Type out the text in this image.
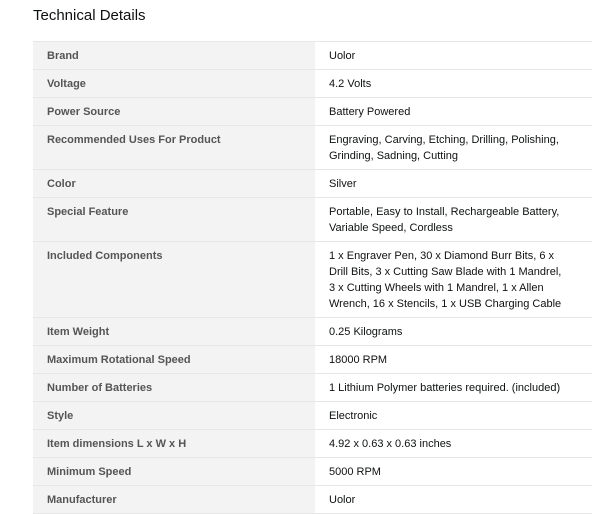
Technical Details
Brand	Uolor
Voltage	4.2 Volts
Power Source	Battery Powered
Recommended Uses For Product	Engraving, Carving, Etching, Drilling, Polishing, Grinding, Sadning, Cutting
Color	Silver
Special Feature	Portable, Easy to Install, Rechargeable Battery, Variable Speed, Cordless
Included Components	1 x Engraver Pen, 30 x Diamond Burr Bits, 6 x Drill Bits, 3 x Cutting Saw Blade with 1 Mandrel, 3 x Cutting Wheels with 1 Mandrel, 1 x Allen Wrench, 16 x Stencils, 1 x USB Charging Cable
Item Weight	0.25 Kilograms
Maximum Rotational Speed	18000 RPM
Number of Batteries	1 Lithium Polymer batteries required. (included)
Style	Electronic
Item dimensions L x W x H	4.92 x 0.63 x 0.63 inches
Minimum Speed	5000 RPM
Manufacturer	Uolor
